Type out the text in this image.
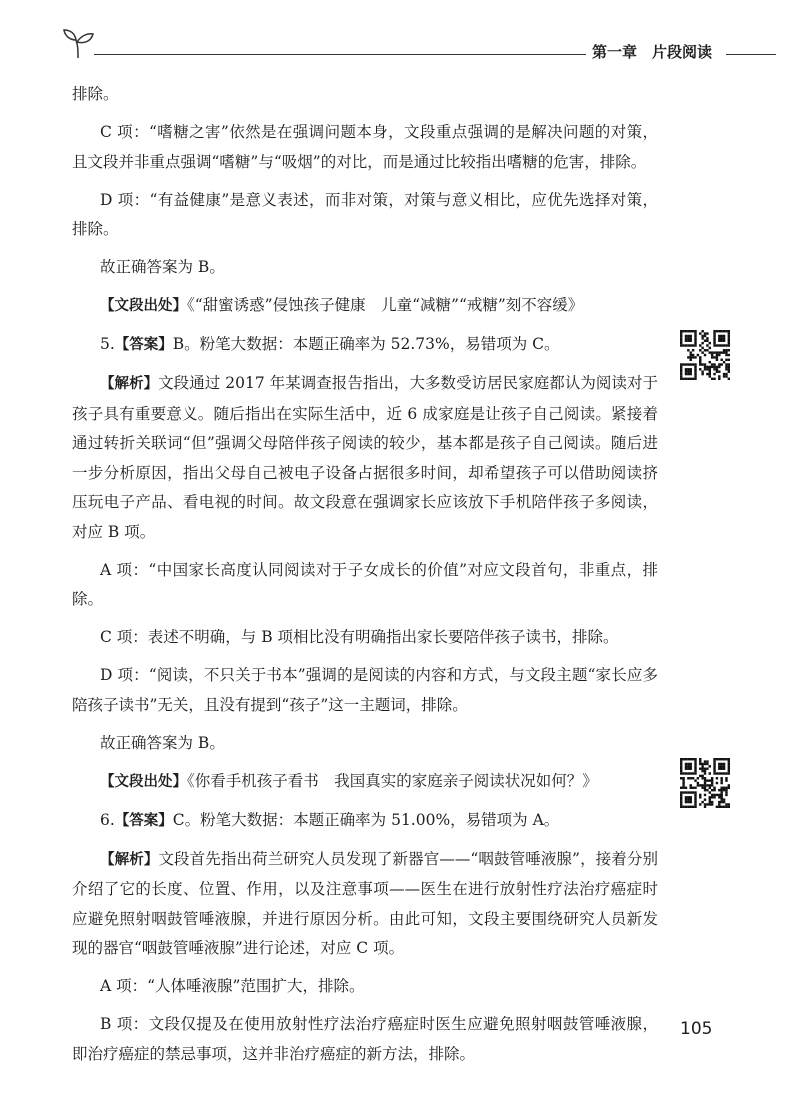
第一章　片段阅读

排除。

C 项：“嗜糖之害”依然是在强调问题本身，文段重点强调的是解决问题的对策，且文段并非重点强调“嗜糖”与“吸烟”的对比，而是通过比较指出嗜糖的危害，排除。

D 项：“有益健康”是意义表述，而非对策，对策与意义相比，应优先选择对策，排除。

故正确答案为 B。

【文段出处】《“甜蜜诱惑”侵蚀孩子健康　儿童“减糖”“戒糖”刻不容缓》

5.【答案】B。粉笔大数据：本题正确率为 52.73%，易错项为 C。

【解析】文段通过 2017 年某调查报告指出，大多数受访居民家庭都认为阅读对于孩子具有重要意义。随后指出在实际生活中，近 6 成家庭是让孩子自己阅读。紧接着通过转折关联词“但”强调父母陪伴孩子阅读的较少，基本都是孩子自己阅读。随后进一步分析原因，指出父母自己被电子设备占据很多时间，却希望孩子可以借助阅读挤压玩电子产品、看电视的时间。故文段意在强调家长应该放下手机陪伴孩子多阅读，对应 B 项。

A 项：“中国家长高度认同阅读对于子女成长的价值”对应文段首句，非重点，排除。

C 项：表述不明确，与 B 项相比没有明确指出家长要陪伴孩子读书，排除。

D 项：“阅读，不只关于书本”强调的是阅读的内容和方式，与文段主题“家长应多陪孩子读书”无关，且没有提到“孩子”这一主题词，排除。

故正确答案为 B。

【文段出处】《你看手机孩子看书　我国真实的家庭亲子阅读状况如何？》

6.【答案】C。粉笔大数据：本题正确率为 51.00%，易错项为 A。

【解析】文段首先指出荷兰研究人员发现了新器官——“咽鼓管唾液腺”，接着分别介绍了它的长度、位置、作用，以及注意事项——医生在进行放射性疗法治疗癌症时应避免照射咽鼓管唾液腺，并进行原因分析。由此可知，文段主要围绕研究人员新发现的器官“咽鼓管唾液腺”进行论述，对应 C 项。

A 项：“人体唾液腺”范围扩大，排除。

B 项：文段仅提及在使用放射性疗法治疗癌症时医生应避免照射咽鼓管唾液腺，即治疗癌症的禁忌事项，这并非治疗癌症的新方法，排除。

105
